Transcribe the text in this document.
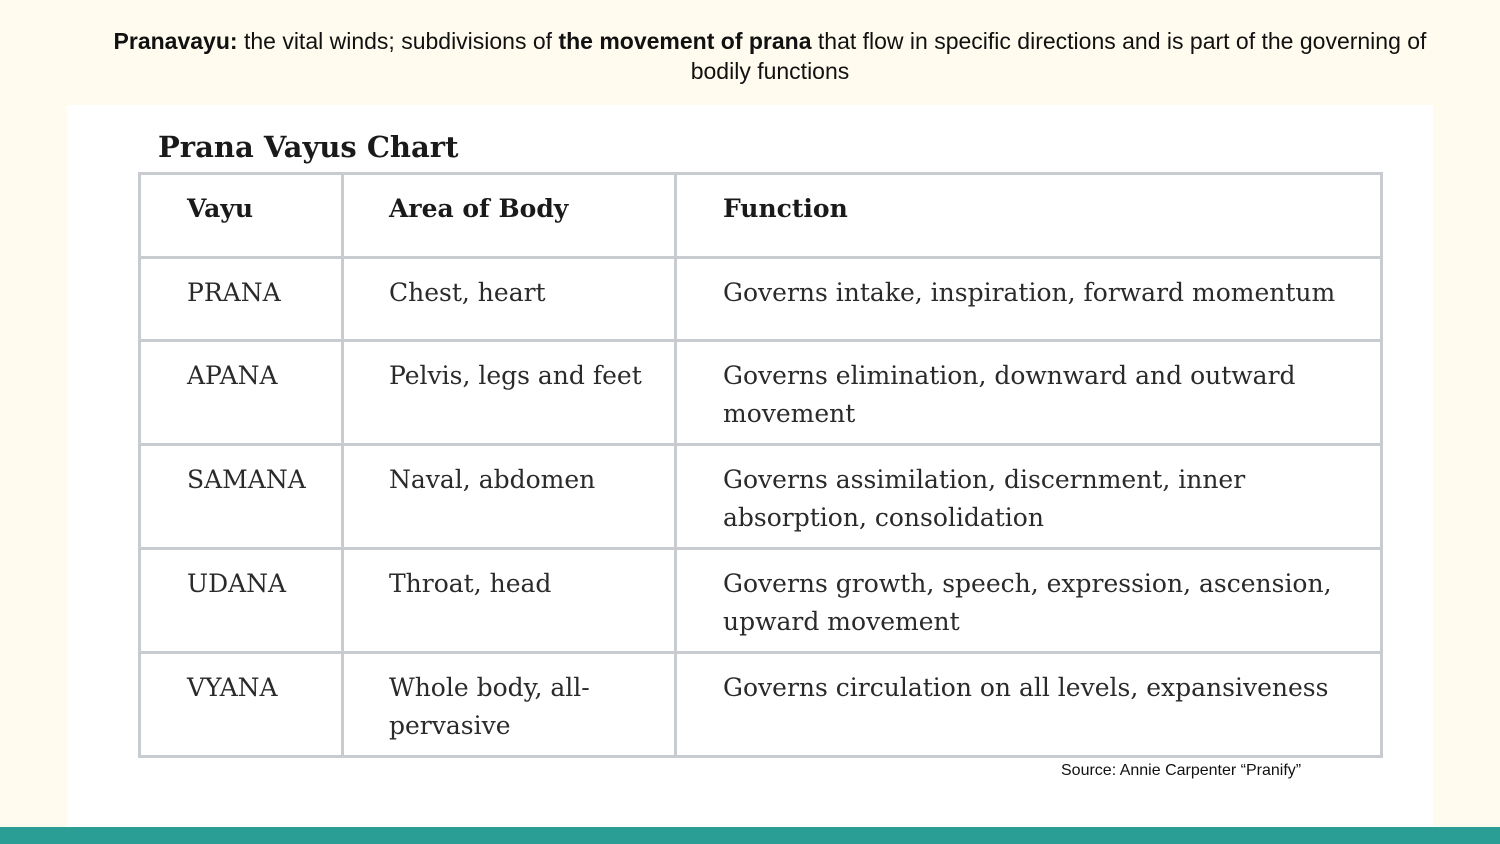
Pranavayu: the vital winds; subdivisions of the movement of prana that flow in specific directions and is part of the governing of bodily functions
Prana Vayus Chart
Vayu	Area of Body	Function
PRANA	Chest, heart	Governs intake, inspiration, forward momentum
APANA	Pelvis, legs and feet	Governs elimination, downward and outward movement
SAMANA	Naval, abdomen	Governs assimilation, discernment, inner absorption, consolidation
UDANA	Throat, head	Governs growth, speech, expression, ascension, upward movement
VYANA	Whole body, all-pervasive	Governs circulation on all levels, expansiveness
Source: Annie Carpenter “Pranify”
